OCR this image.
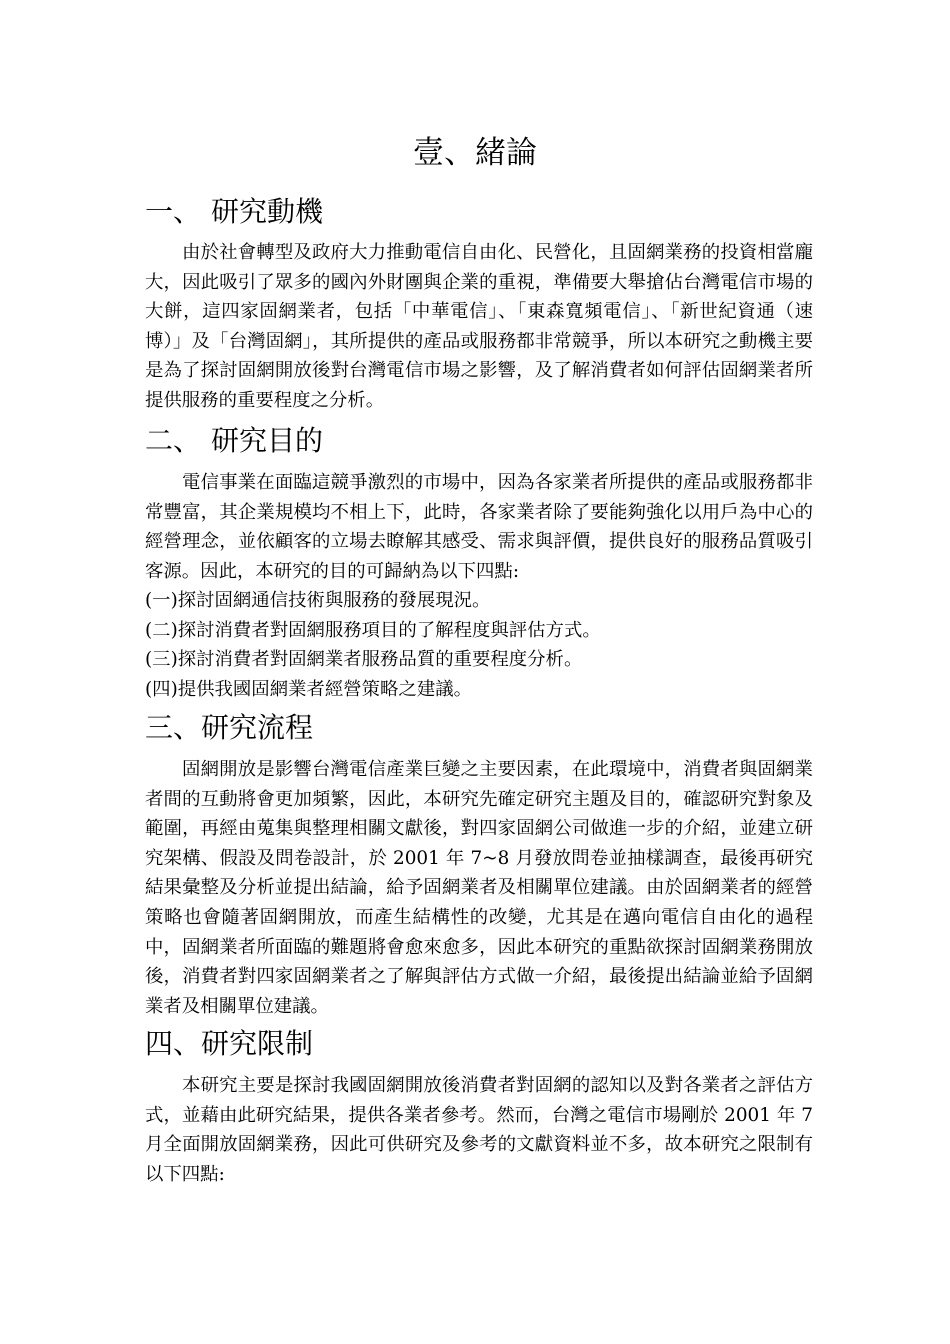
壹、緒論
一、 研究動機

由於社會轉型及政府大力推動電信自由化、民營化，且固網業務的投資相當龐大，因此吸引了眾多的國內外財團與企業的重視，準備要大舉搶佔台灣電信市場的大餅，這四家固網業者，包括「中華電信」、「東森寬頻電信」、「新世紀資通（速博）」及「台灣固網」，其所提供的產品或服務都非常競爭，所以本研究之動機主要是為了探討固網開放後對台灣電信市場之影響，及了解消費者如何評估固網業者所提供服務的重要程度之分析。

二、 研究目的

電信事業在面臨這競爭激烈的市場中，因為各家業者所提供的產品或服務都非常豐富，其企業規模均不相上下，此時，各家業者除了要能夠強化以用戶為中心的經營理念，並依顧客的立場去瞭解其感受、需求與評價，提供良好的服務品質吸引客源。因此，本研究的目的可歸納為以下四點:

(一)探討固網通信技術與服務的發展現況。

(二)探討消費者對固網服務項目的了解程度與評估方式。

(三)探討消費者對固網業者服務品質的重要程度分析。

(四)提供我國固網業者經營策略之建議。

三、研究流程

固網開放是影響台灣電信產業巨變之主要因素，在此環境中，消費者與固網業者間的互動將會更加頻繁，因此，本研究先確定研究主題及目的，確認研究對象及範圍，再經由蒐集與整理相關文獻後，對四家固網公司做進一步的介紹，並建立研究架構、假設及問卷設計，於 2001 年 7~8 月發放問卷並抽樣調查，最後再研究結果彙整及分析並提出結論，給予固網業者及相關單位建議。由於固網業者的經營策略也會隨著固網開放，而產生結構性的改變，尤其是在邁向電信自由化的過程中，固網業者所面臨的難題將會愈來愈多，因此本研究的重點欲探討固網業務開放後，消費者對四家固網業者之了解與評估方式做一介紹，最後提出結論並給予固網業者及相關單位建議。

四、研究限制

本研究主要是探討我國固網開放後消費者對固網的認知以及對各業者之評估方式，並藉由此研究結果，提供各業者參考。然而，台灣之電信市場剛於 2001 年 7 月全面開放固網業務，因此可供研究及參考的文獻資料並不多，故本研究之限制有以下四點:
